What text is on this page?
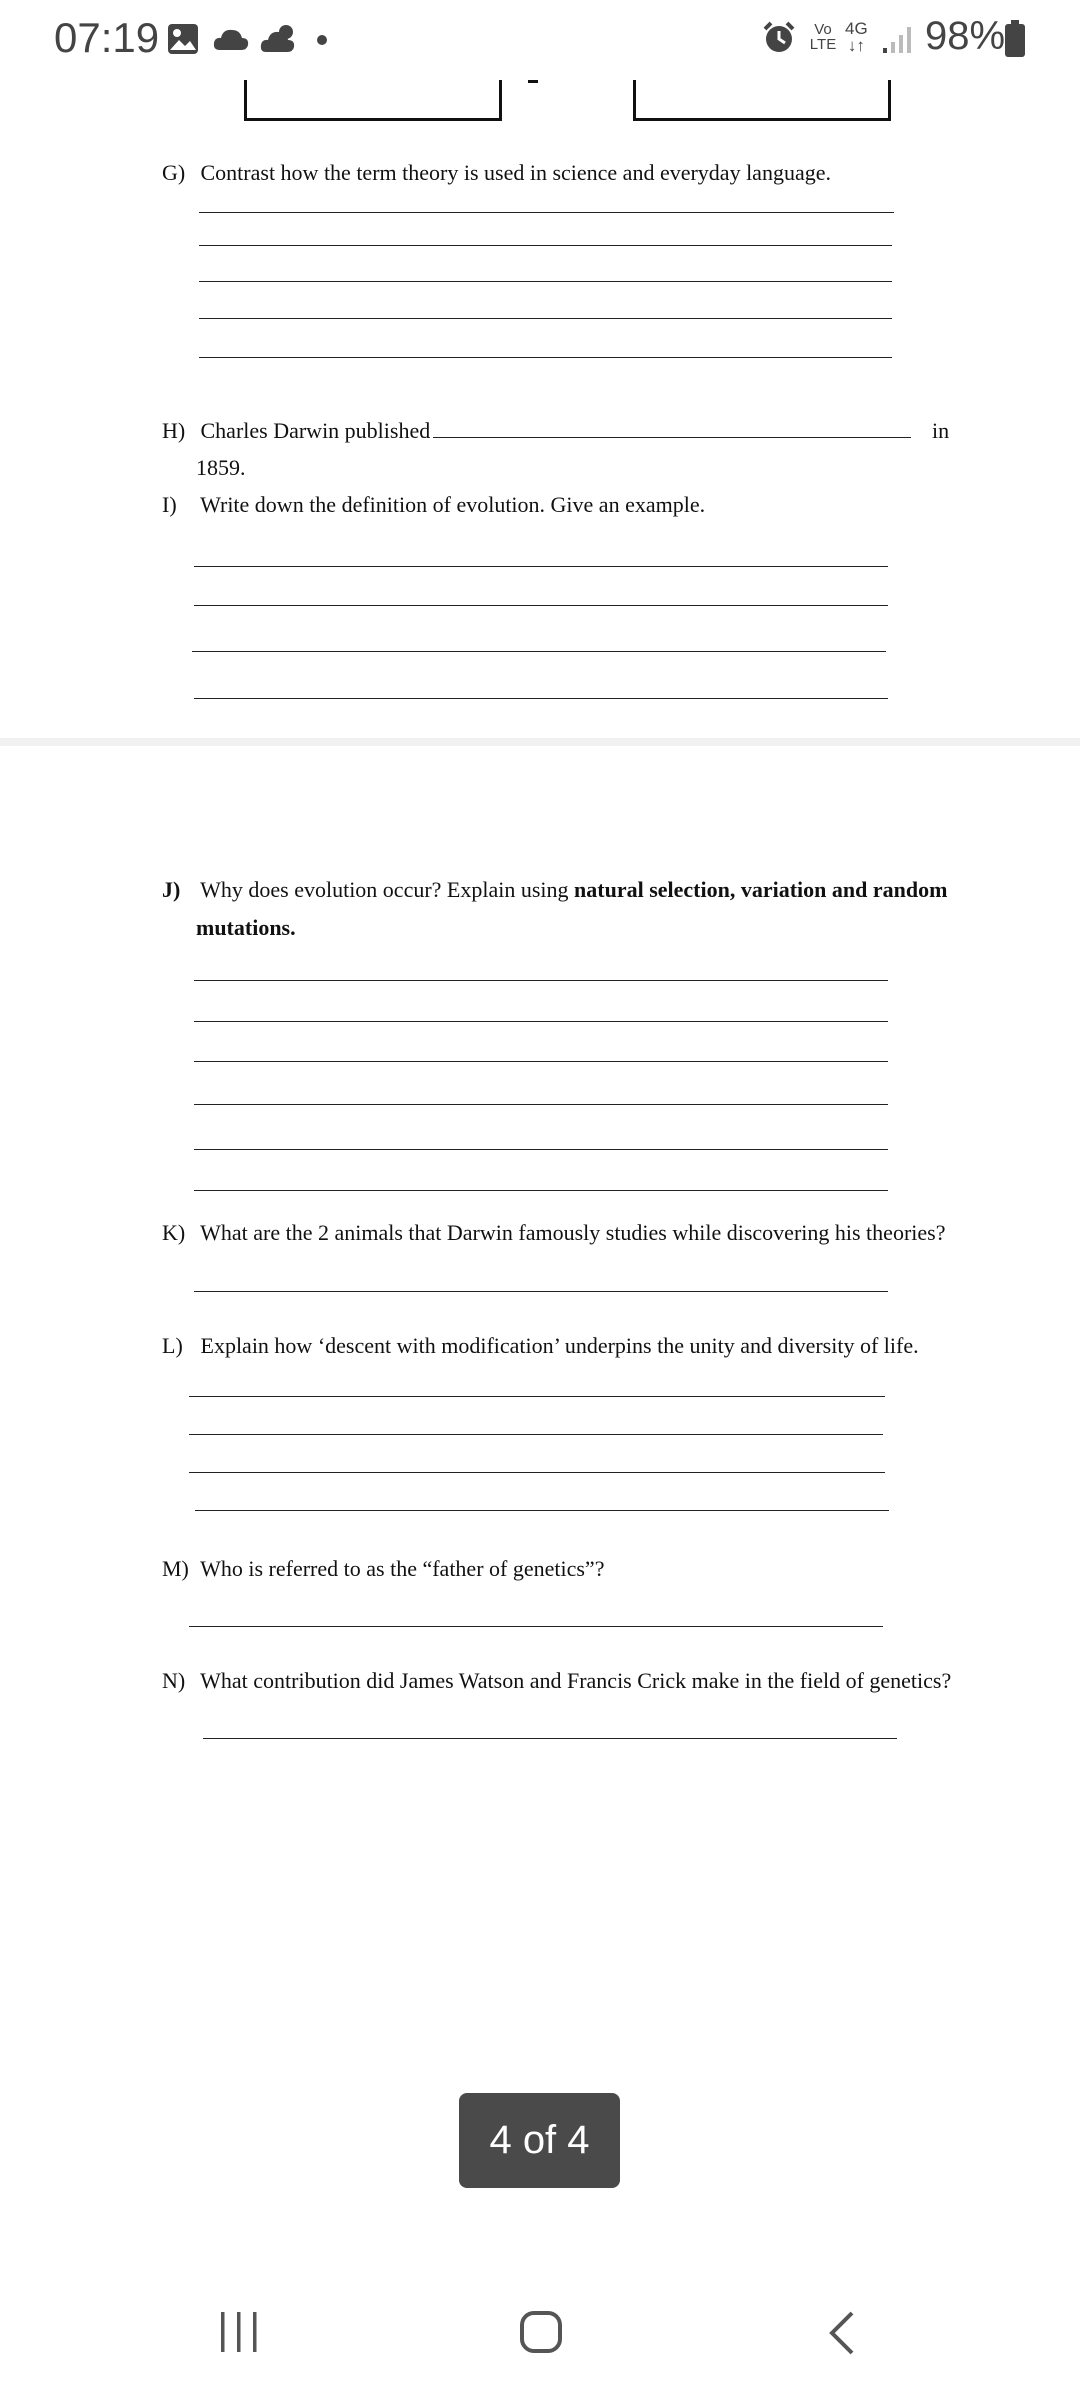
07:19	Vo
LTE
4G
↓↑ 98%
G) Contrast how the term theory is used in science and everyday language.
H) Charles Darwin published	in
1859.
I) Write down the definition of evolution. Give an example.
J) Why does evolution occur? Explain using natural selection, variation and random
mutations.
K) What are the 2 animals that Darwin famously studies while discovering his theories?
L) Explain how ‘descent with modification’ underpins the unity and diversity of life.
M) Who is referred to as the “father of genetics”?
N) What contribution did James Watson and Francis Crick make in the field of genetics?
4 of 4
